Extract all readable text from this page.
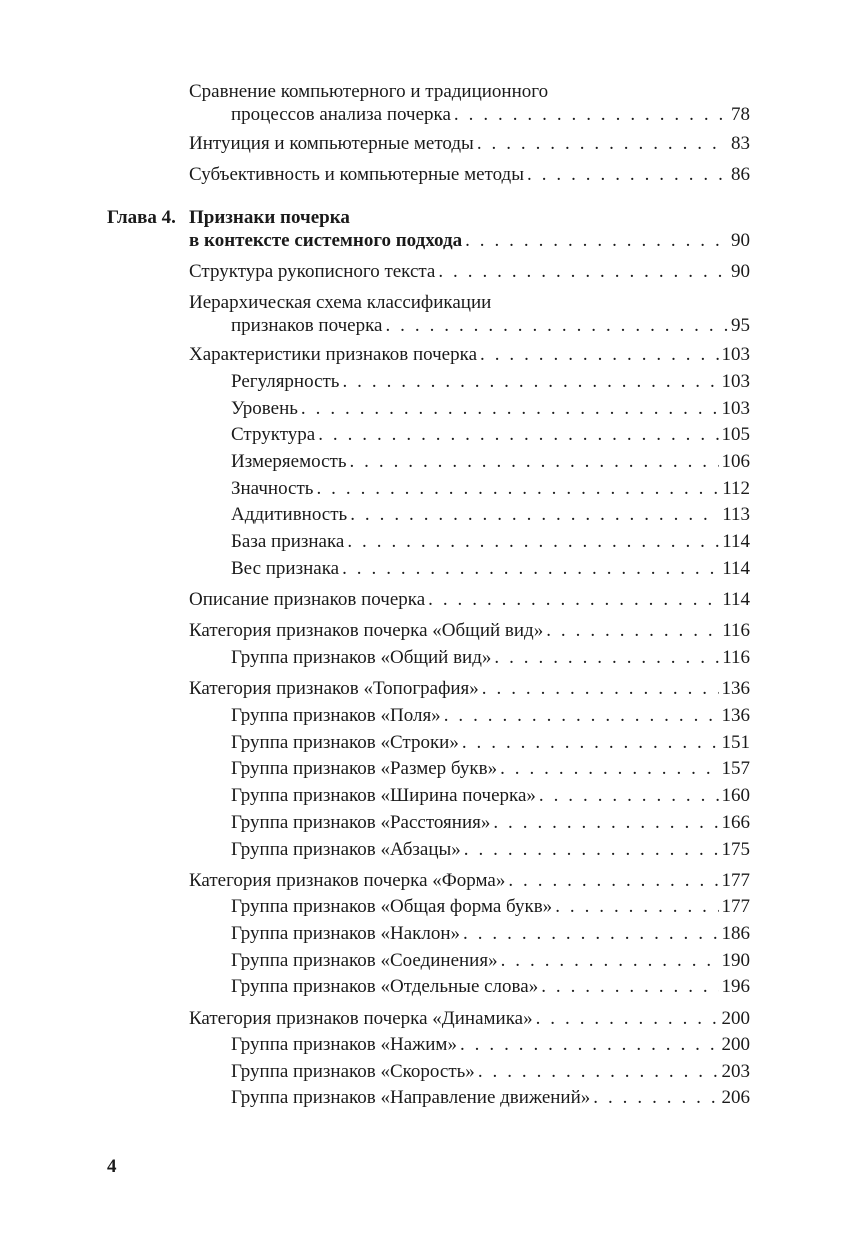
Сравнение компьютерного и традиционного
процессов анализа почерка . . .	78
Интуиция и компьютерные методы . . .	83
Субъективность и компьютерные методы . . .	86
Глава 4. Признаки почерка
в контексте системного подхода . . .	90
Структура рукописного текста . . .	90
Иерархическая схема классификации
признаков почерка . . .	95
Характеристики признаков почерка . . .	103
Регулярность . . .	103
Уровень . . .	103
Структура . . .	105
Измеряемость . . .	106
Значность . . .	112
Аддитивность . . .	113
База признака . . .	114
Вес признака . . .	114
Описание признаков почерка . . .	114
Категория признаков почерка «Общий вид» . . .	116
Группа признаков «Общий вид» . . .	116
Категория признаков «Топография» . . .	136
Группа признаков «Поля» . . .	136
Группа признаков «Строки» . . .	151
Группа признаков «Размер букв» . . .	157
Группа признаков «Ширина почерка» . . .	160
Группа признаков «Расстояния» . . .	166
Группа признаков «Абзацы» . . .	175
Категория признаков почерка «Форма» . . .	177
Группа признаков «Общая форма букв» . . .	177
Группа признаков «Наклон» . . .	186
Группа признаков «Соединения» . . .	190
Группа признаков «Отдельные слова» . . .	196
Категория признаков почерка «Динамика» . . .	200
Группа признаков «Нажим» . . .	200
Группа признаков «Скорость» . . .	203
Группа признаков «Направление движений» . . .	206
4
